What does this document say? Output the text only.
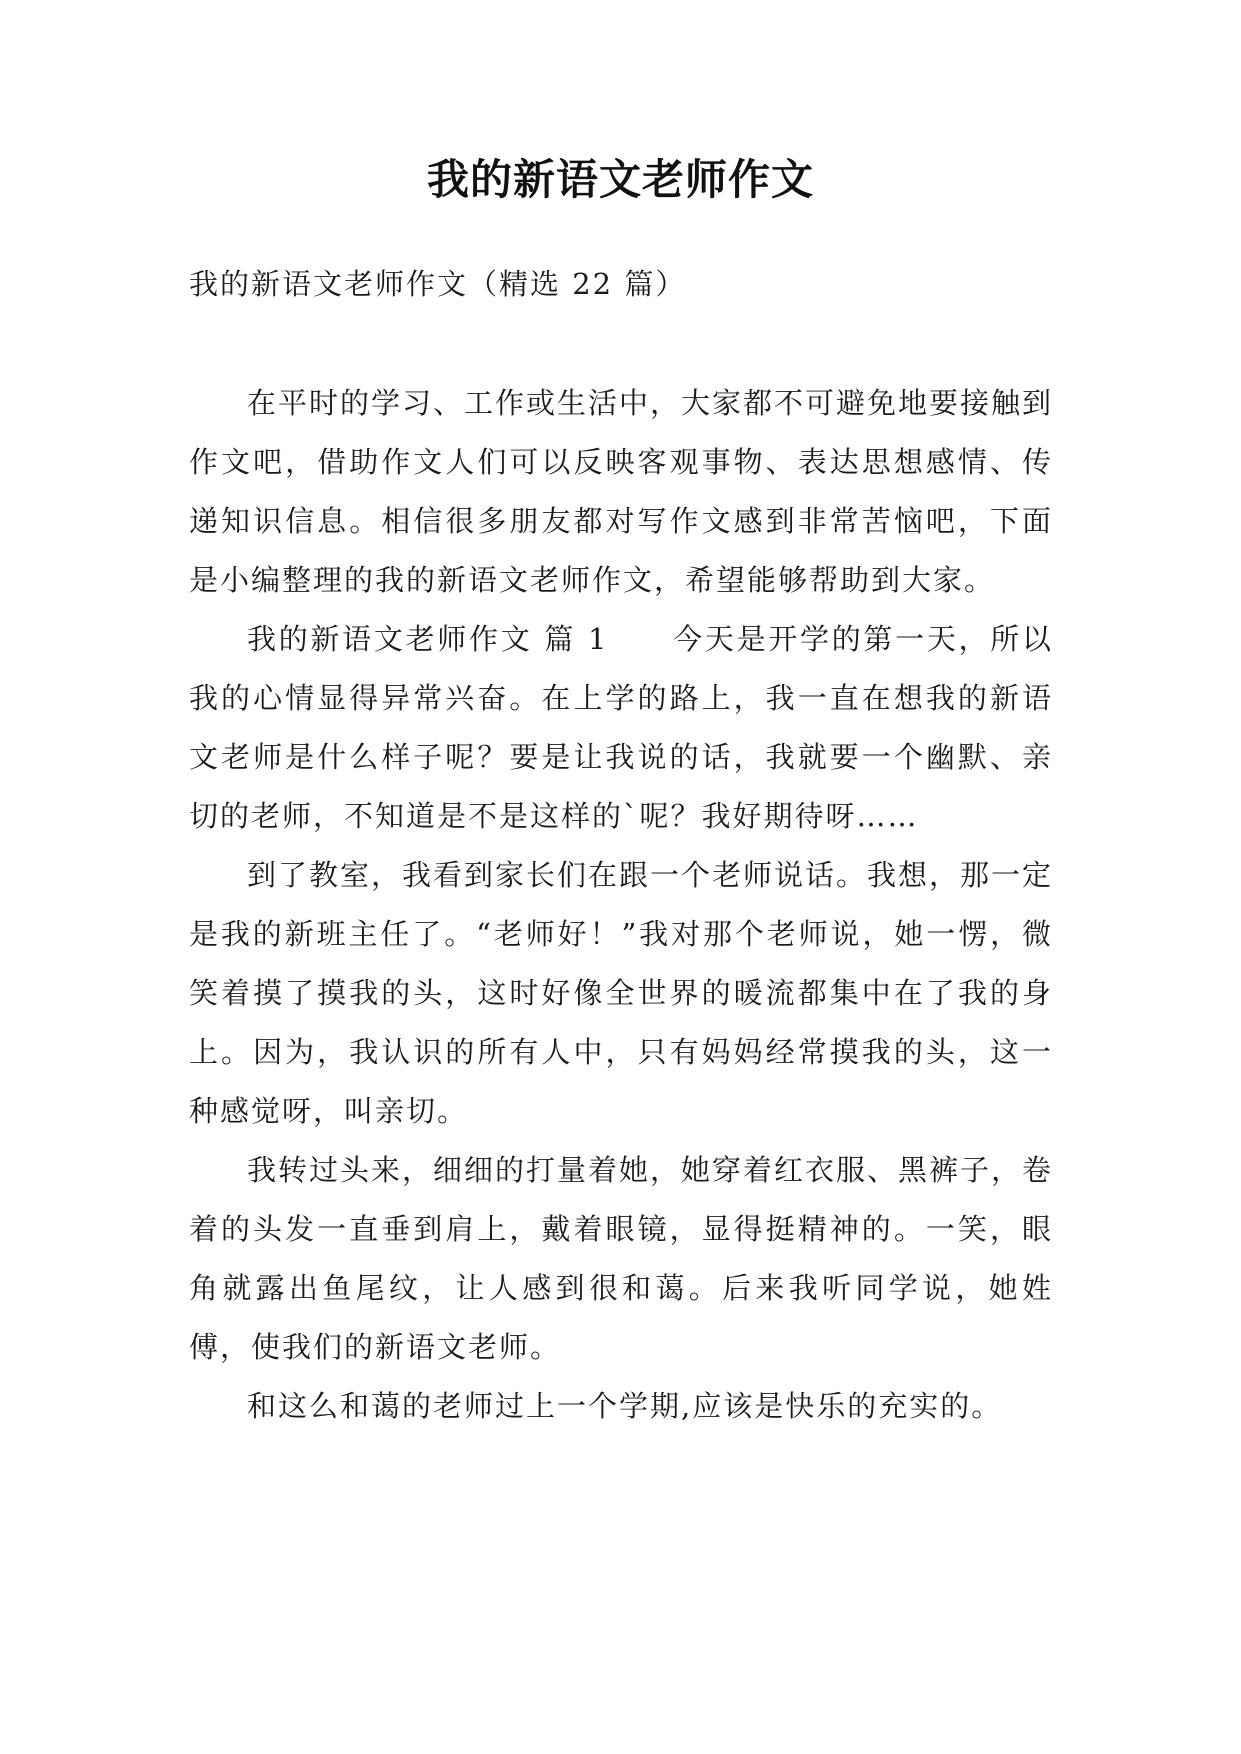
我的新语文老师作文

我的新语文老师作文（精选 22 篇）

在平时的学习、工作或生活中，大家都不可避免地要接触到作文吧，借助作文人们可以反映客观事物、表达思想感情、传递知识信息。相信很多朋友都对写作文感到非常苦恼吧，下面是小编整理的我的新语文老师作文，希望能够帮助到大家。

我的新语文老师作文 篇 1 今天是开学的第一天，所以我的心情显得异常兴奋。在上学的路上，我一直在想我的新语文老师是什么样子呢？要是让我说的话，我就要一个幽默、亲切的老师，不知道是不是这样的`呢？我好期待呀……

到了教室，我看到家长们在跟一个老师说话。我想，那一定是我的新班主任了。“老师好！”我对那个老师说，她一愣，微笑着摸了摸我的头，这时好像全世界的暖流都集中在了我的身上。因为，我认识的所有人中，只有妈妈经常摸我的头，这一种感觉呀，叫亲切。

我转过头来，细细的打量着她，她穿着红衣服、黑裤子，卷着的头发一直垂到肩上，戴着眼镜，显得挺精神的。一笑，眼角就露出鱼尾纹，让人感到很和蔼。后来我听同学说，她姓傅，使我们的新语文老师。

和这么和蔼的老师过上一个学期,应该是快乐的充实的。
